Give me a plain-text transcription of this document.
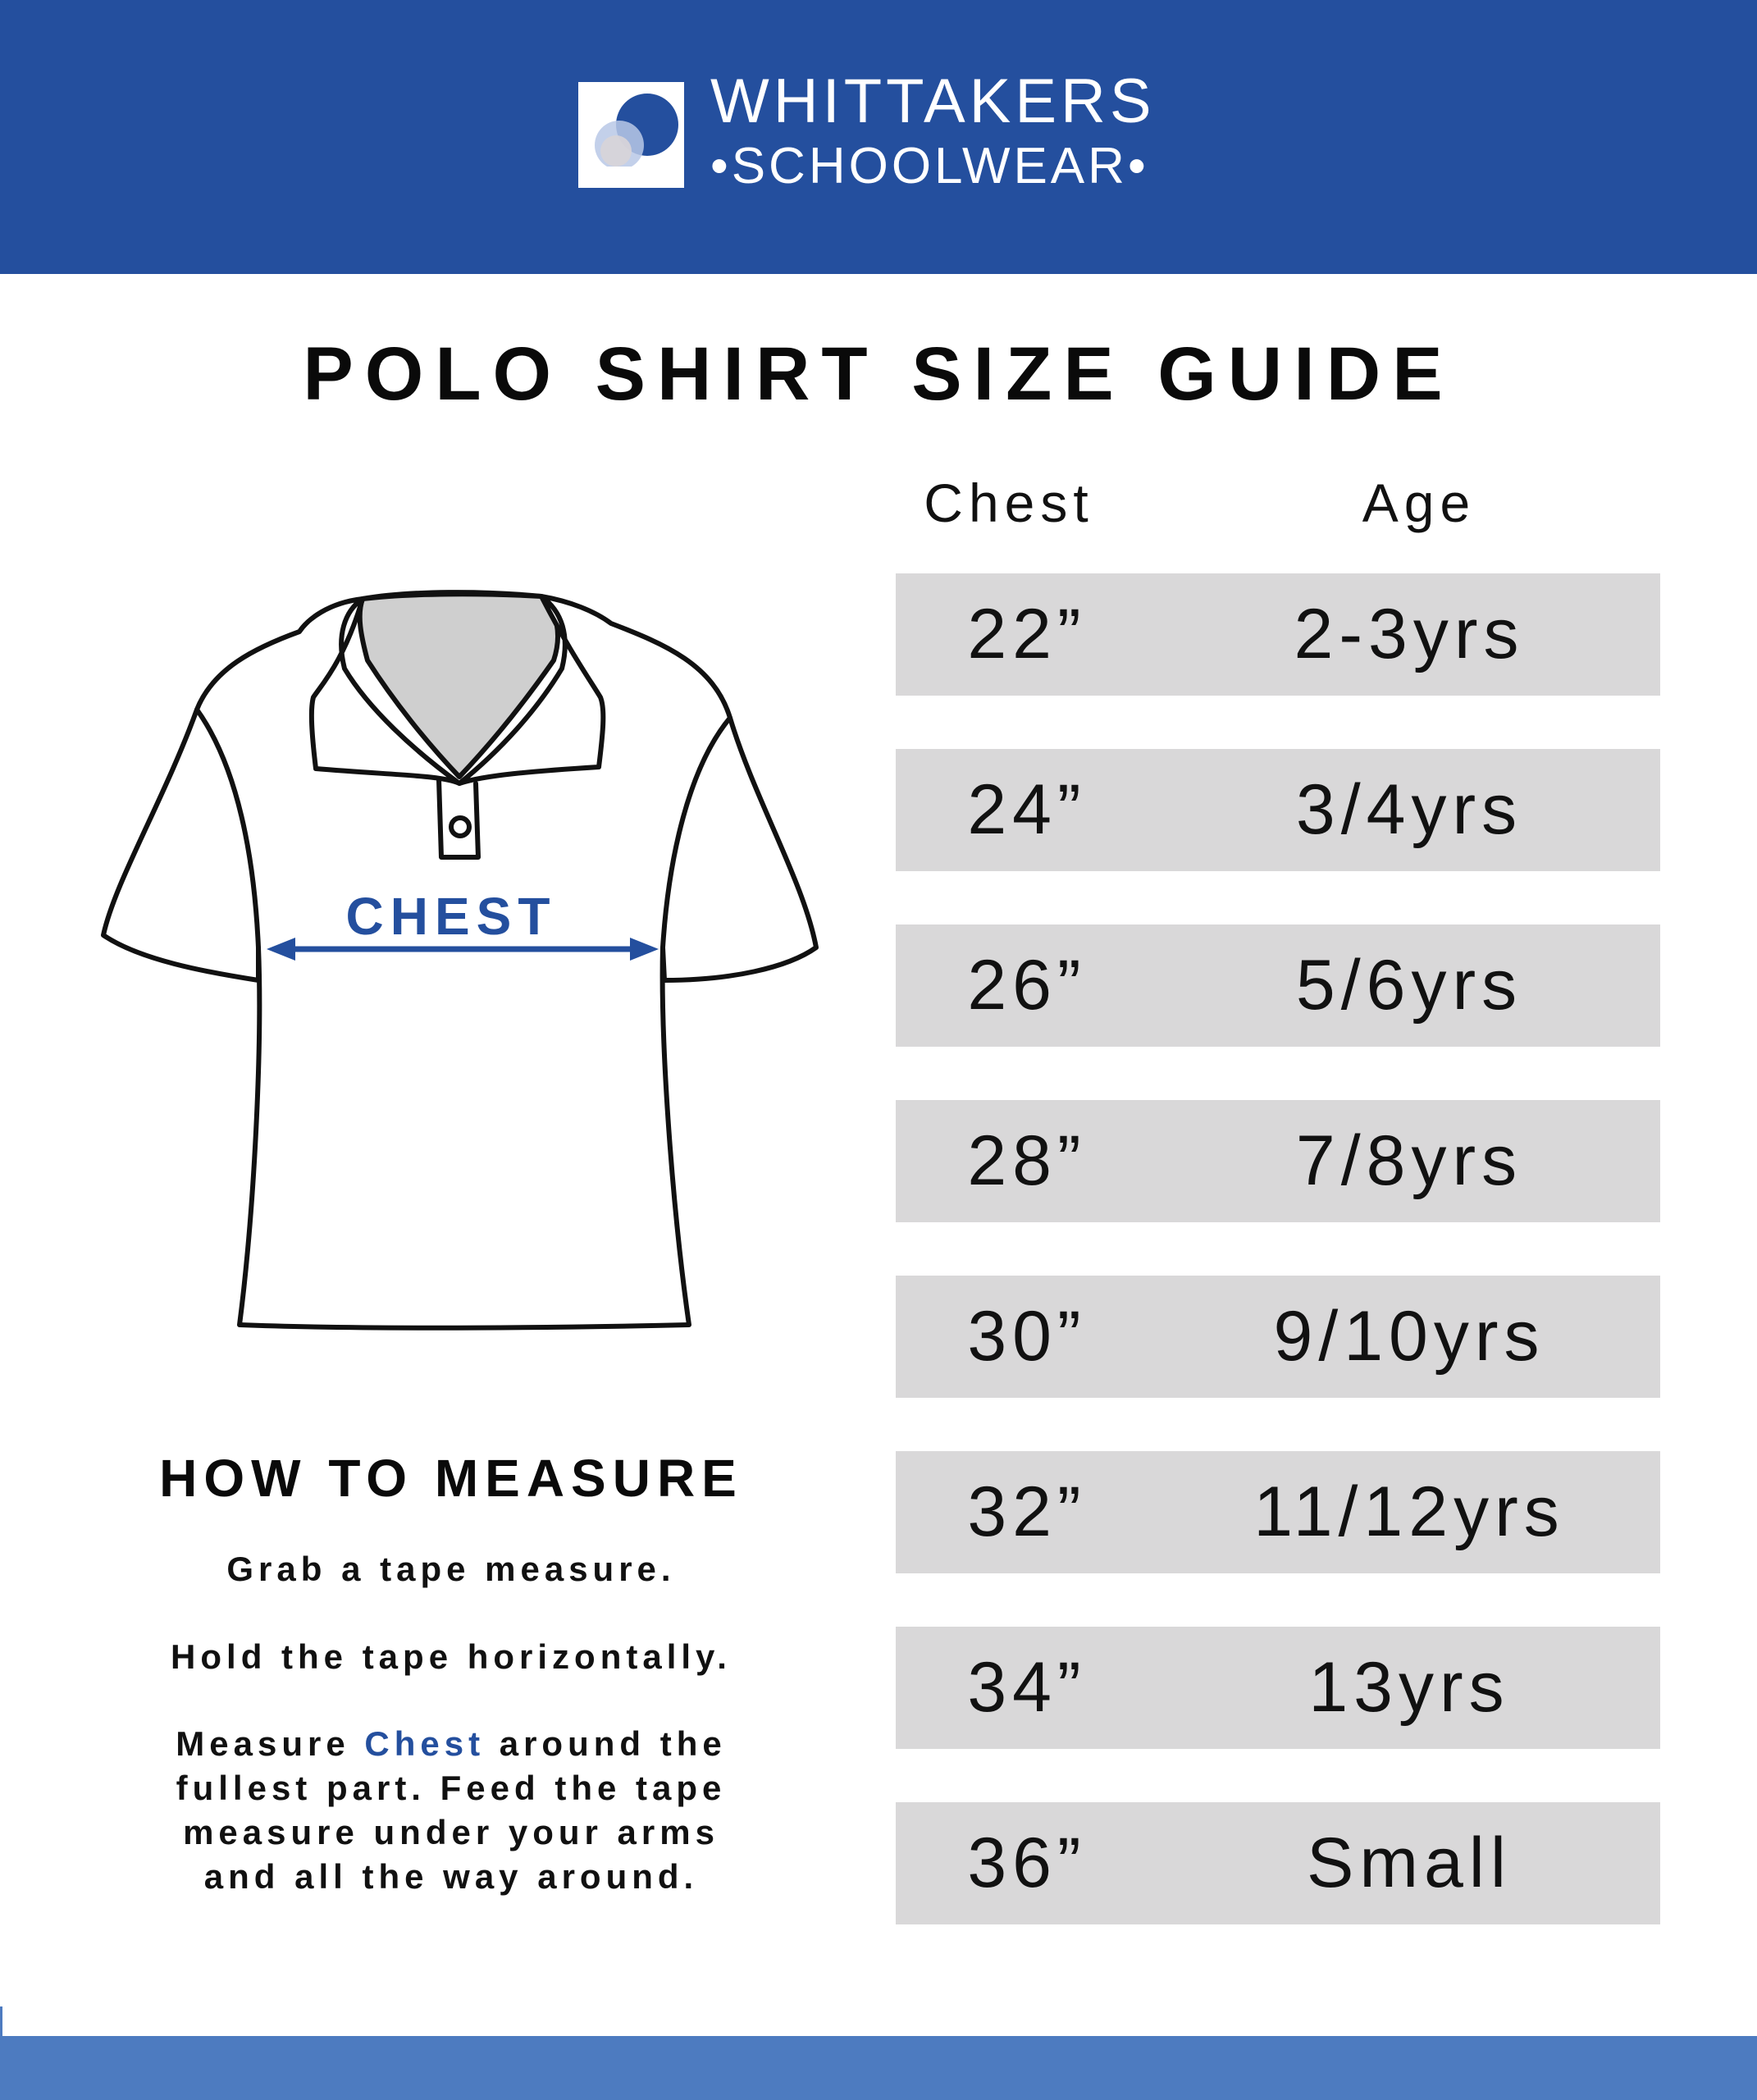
WHITTAKERS
•SCHOOLWEAR•
POLO SHIRT SIZE GUIDE
Chest	Age
22”	2-3yrs
24”	3/4yrs
26”	5/6yrs
28”	7/8yrs
30”	9/10yrs
32”	11/12yrs
34”	13yrs
36”	Small
CHEST
HOW TO MEASURE
Grab a tape measure.
Hold the tape horizontally.
Measure Chest around the
fullest part. Feed the tape
measure under your arms
and all the way around.
